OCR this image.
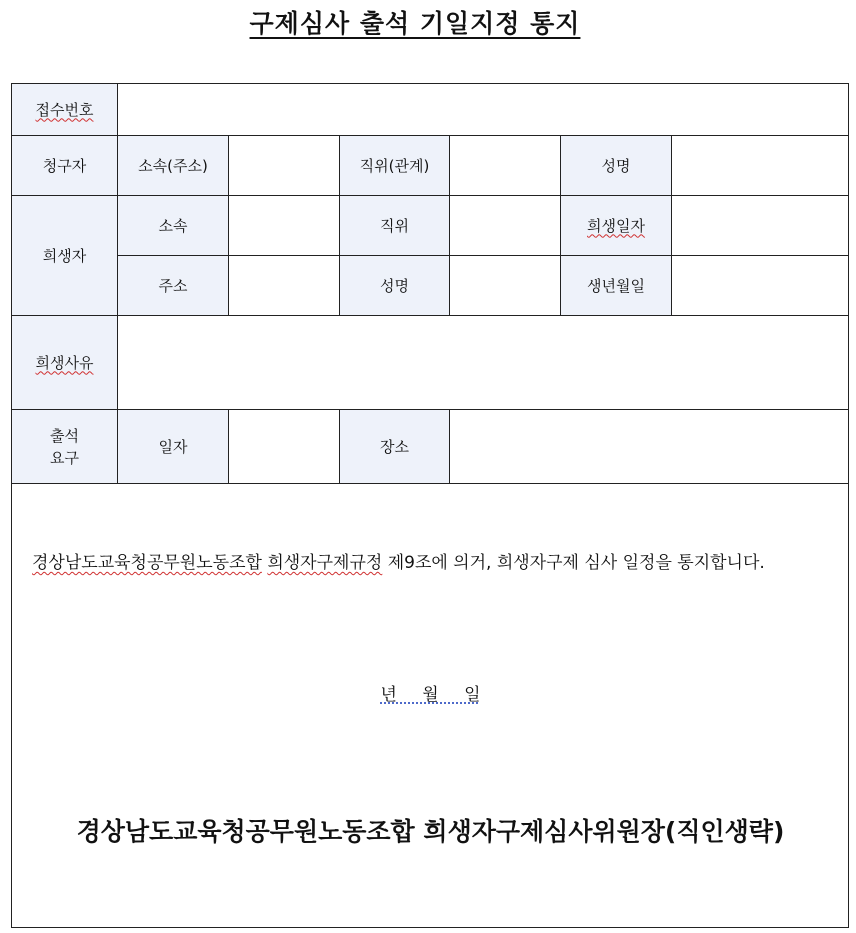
구제심사 출석 기일지정 통지
접수번호						
청구자	소속(주소)		직위(관계)		성명	
희생자	소속		직위		희생일자	
	주소		성명		생년월일	
희생사유						
출석
요구	일자		장소			

경상남도교육청공무원노동조합 희생자구제규정 제9조에 의거, 희생자구제 심사 일정을 통지합니다.
년 월 일
경상남도교육청공무원노동조합 희생자구제심사위원장(직인생략)						
